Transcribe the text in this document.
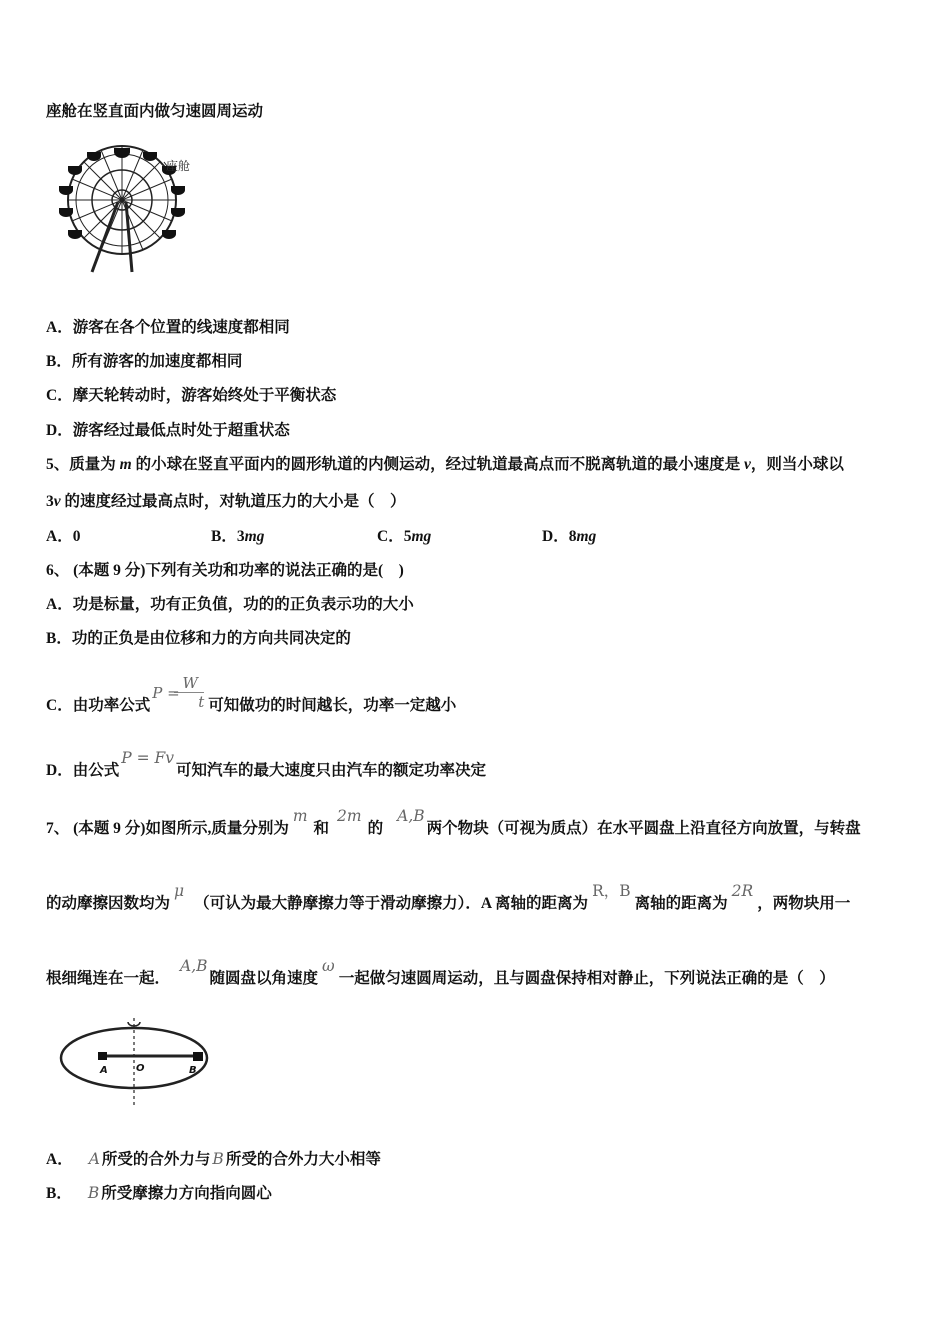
座舱在竖直面内做匀速圆周运动
座舱
A．游客在各个位置的线速度都相同
B．所有游客的加速度都相同
C．摩天轮转动时，游客始终处于平衡状态
D．游客经过最低点时处于超重状态
5、质量为 m 的小球在竖直平面内的圆形轨道的内侧运动，经过轨道最高点而不脱离轨道的最小速度是 v，则当小球以
3v 的速度经过最高点时，对轨道压力的大小是（　）
A．0	B．3mg	C．5mg	D．8mg
6、 (本题 9 分)下列有关功和功率的说法正确的是(　)
A．功是标量，功有正负值，功的的正负表示功的大小
B．功的正负是由位移和力的方向共同决定的
C．由功率公式
P =
W
t 可知做功的时间越长，功率一定越小
D．由公式P = Fv可知汽车的最大速度只由汽车的额定功率决定
7、 (本题 9 分)如图所示,质量分别为m和2m的A,B两个物块（可视为质点）在水平圆盘上沿直径方向放置，与转盘
的动摩擦因数均为μ（可认为最大静摩擦力等于滑动摩擦力）．A 离轴的距离为R，B离轴的距离为2R，两物块用一
根细绳连在一起．A,B随圆盘以角速度ω一起做匀速圆周运动，且与圆盘保持相对静止，下列说法正确的是（　）
A	O	B
A． A 所受的合外力与 B 所受的合外力大小相等
B． B 所受摩擦力方向指向圆心
